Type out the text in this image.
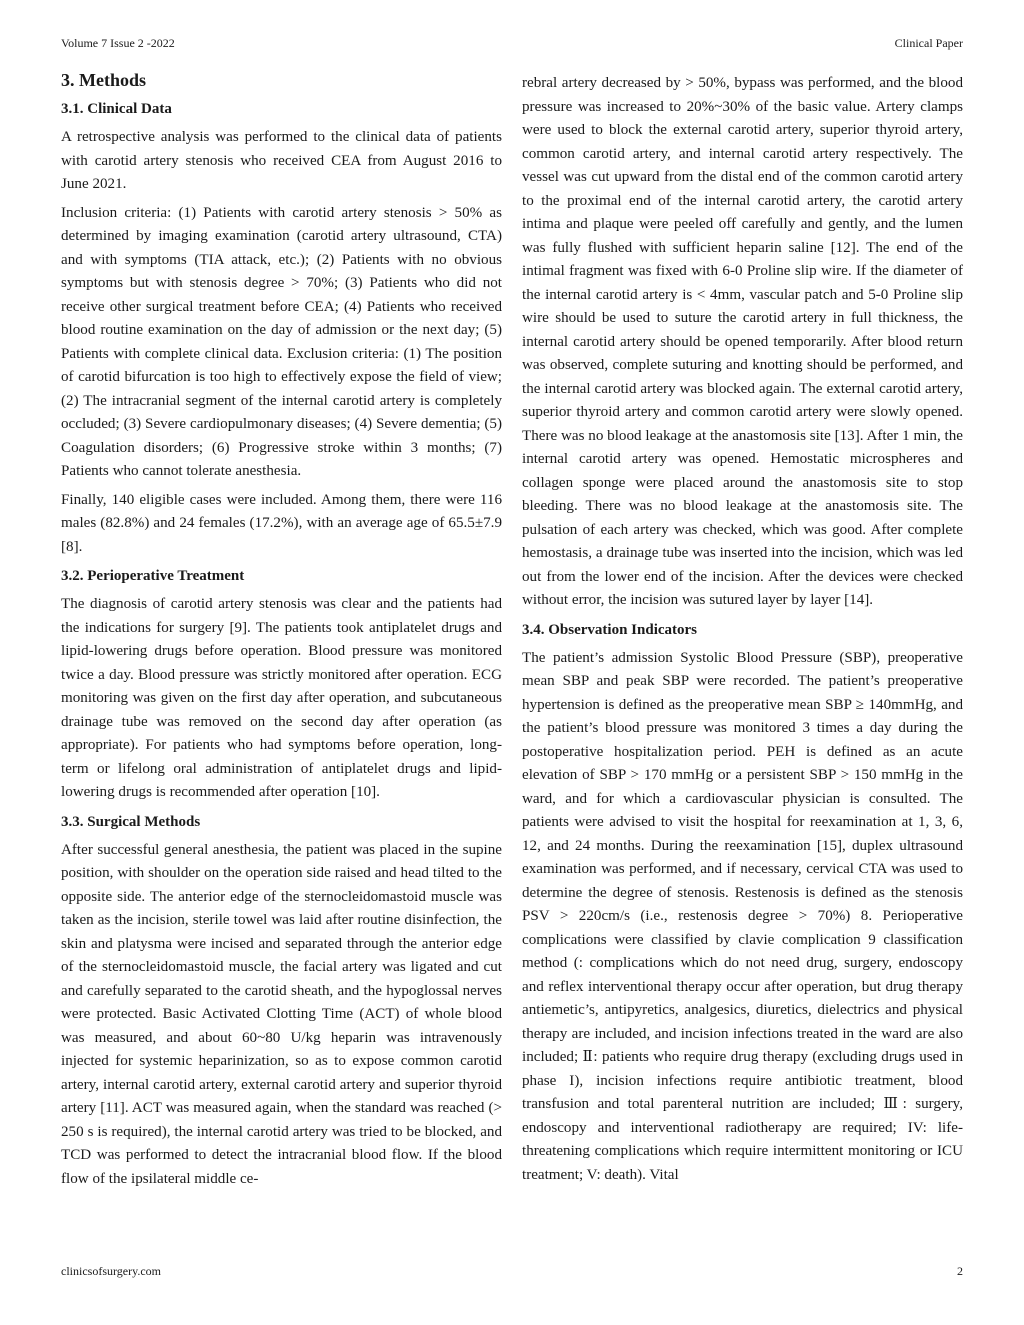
Volume 7 Issue 2 -2022	Clinical Paper
3. Methods
3.1. Clinical Data

A retrospective analysis was performed to the clinical data of patients with carotid artery stenosis who received CEA from August 2016 to June 2021.

Inclusion criteria: (1) Patients with carotid artery stenosis > 50% as determined by imaging examination (carotid artery ultrasound, CTA) and with symptoms (TIA attack, etc.); (2) Patients with no obvious symptoms but with stenosis degree > 70%; (3) Patients who did not receive other surgical treatment before CEA; (4) Patients who received blood routine examination on the day of admission or the next day; (5) Patients with complete clinical data. Exclusion criteria: (1) The position of carotid bifurcation is too high to effectively expose the field of view; (2) The intracranial segment of the internal carotid artery is completely occluded; (3) Severe cardiopulmonary diseases; (4) Severe dementia; (5) Coagulation disorders; (6) Progressive stroke within 3 months; (7) Patients who cannot tolerate anesthesia.

Finally, 140 eligible cases were included. Among them, there were 116 males (82.8%) and 24 females (17.2%), with an average age of 65.5±7.9 [8].

3.2. Perioperative Treatment

The diagnosis of carotid artery stenosis was clear and the patients had the indications for surgery [9]. The patients took antiplatelet drugs and lipid-lowering drugs before operation. Blood pressure was monitored twice a day. Blood pressure was strictly monitored after operation. ECG monitoring was given on the first day after operation, and subcutaneous drainage tube was removed on the second day after operation (as appropriate). For patients who had symptoms before operation, long-term or lifelong oral administration of antiplatelet drugs and lipid-lowering drugs is recommended after operation [10].

3.3. Surgical Methods

After successful general anesthesia, the patient was placed in the supine position, with shoulder on the operation side raised and head tilted to the opposite side. The anterior edge of the sternocleidomastoid muscle was taken as the incision, sterile towel was laid after routine disinfection, the skin and platysma were incised and separated through the anterior edge of the sternocleidomastoid muscle, the facial artery was ligated and cut and carefully separated to the carotid sheath, and the hypoglossal nerves were protected. Basic Activated Clotting Time (ACT) of whole blood was measured, and about 60~80 U/kg heparin was intravenously injected for systemic heparinization, so as to expose common carotid artery, internal carotid artery, external carotid artery and superior thyroid artery [11]. ACT was measured again, when the standard was reached (> 250 s is required), the internal carotid artery was tried to be blocked, and TCD was performed to detect the intracranial blood flow. If the blood flow of the ipsilateral middle ce-

rebral artery decreased by > 50%, bypass was performed, and the blood pressure was increased to 20%~30% of the basic value. Artery clamps were used to block the external carotid artery, superior thyroid artery, common carotid artery, and internal carotid artery respectively. The vessel was cut upward from the distal end of the common carotid artery to the proximal end of the internal carotid artery, the carotid artery intima and plaque were peeled off carefully and gently, and the lumen was fully flushed with sufficient heparin saline [12]. The end of the intimal fragment was fixed with 6-0 Proline slip wire. If the diameter of the internal carotid artery is < 4mm, vascular patch and 5-0 Proline slip wire should be used to suture the carotid artery in full thickness, the internal carotid artery should be opened temporarily. After blood return was observed, complete suturing and knotting should be performed, and the internal carotid artery was blocked again. The external carotid artery, superior thyroid artery and common carotid artery were slowly opened. There was no blood leakage at the anastomosis site [13]. After 1 min, the internal carotid artery was opened. Hemostatic microspheres and collagen sponge were placed around the anastomosis site to stop bleeding. There was no blood leakage at the anastomosis site. The pulsation of each artery was checked, which was good. After complete hemostasis, a drainage tube was inserted into the incision, which was led out from the lower end of the incision. After the devices were checked without error, the incision was sutured layer by layer [14].

3.4. Observation Indicators

The patient’s admission Systolic Blood Pressure (SBP), preoperative mean SBP and peak SBP were recorded. The patient’s preoperative hypertension is defined as the preoperative mean SBP ≥ 140mmHg, and the patient’s blood pressure was monitored 3 times a day during the postoperative hospitalization period. PEH is defined as an acute elevation of SBP > 170 mmHg or a persistent SBP > 150 mmHg in the ward, and for which a cardiovascular physician is consulted. The patients were advised to visit the hospital for reexamination at 1, 3, 6, 12, and 24 months. During the reexamination [15], duplex ultrasound examination was performed, and if necessary, cervical CTA was used to determine the degree of stenosis. Restenosis is defined as the stenosis PSV > 220cm/s (i.e., restenosis degree > 70%) 8. Perioperative complications were classified by clavie complication 9 classification method (: complications which do not need drug, surgery, endoscopy and reflex interventional therapy occur after operation, but drug therapy antiemetic’s, antipyretics, analgesics, diuretics, dielectrics and physical therapy are included, and incision infections treated in the ward are also included; Ⅱ: patients who require drug therapy (excluding drugs used in phase I), incision infections require antibiotic treatment, blood transfusion and total parenteral nutrition are included; Ⅲ: surgery, endoscopy and interventional radiotherapy are required; IV: life-threatening complications which require intermittent monitoring or ICU treatment; V: death). Vital

clinicsofsurgery.com	2
